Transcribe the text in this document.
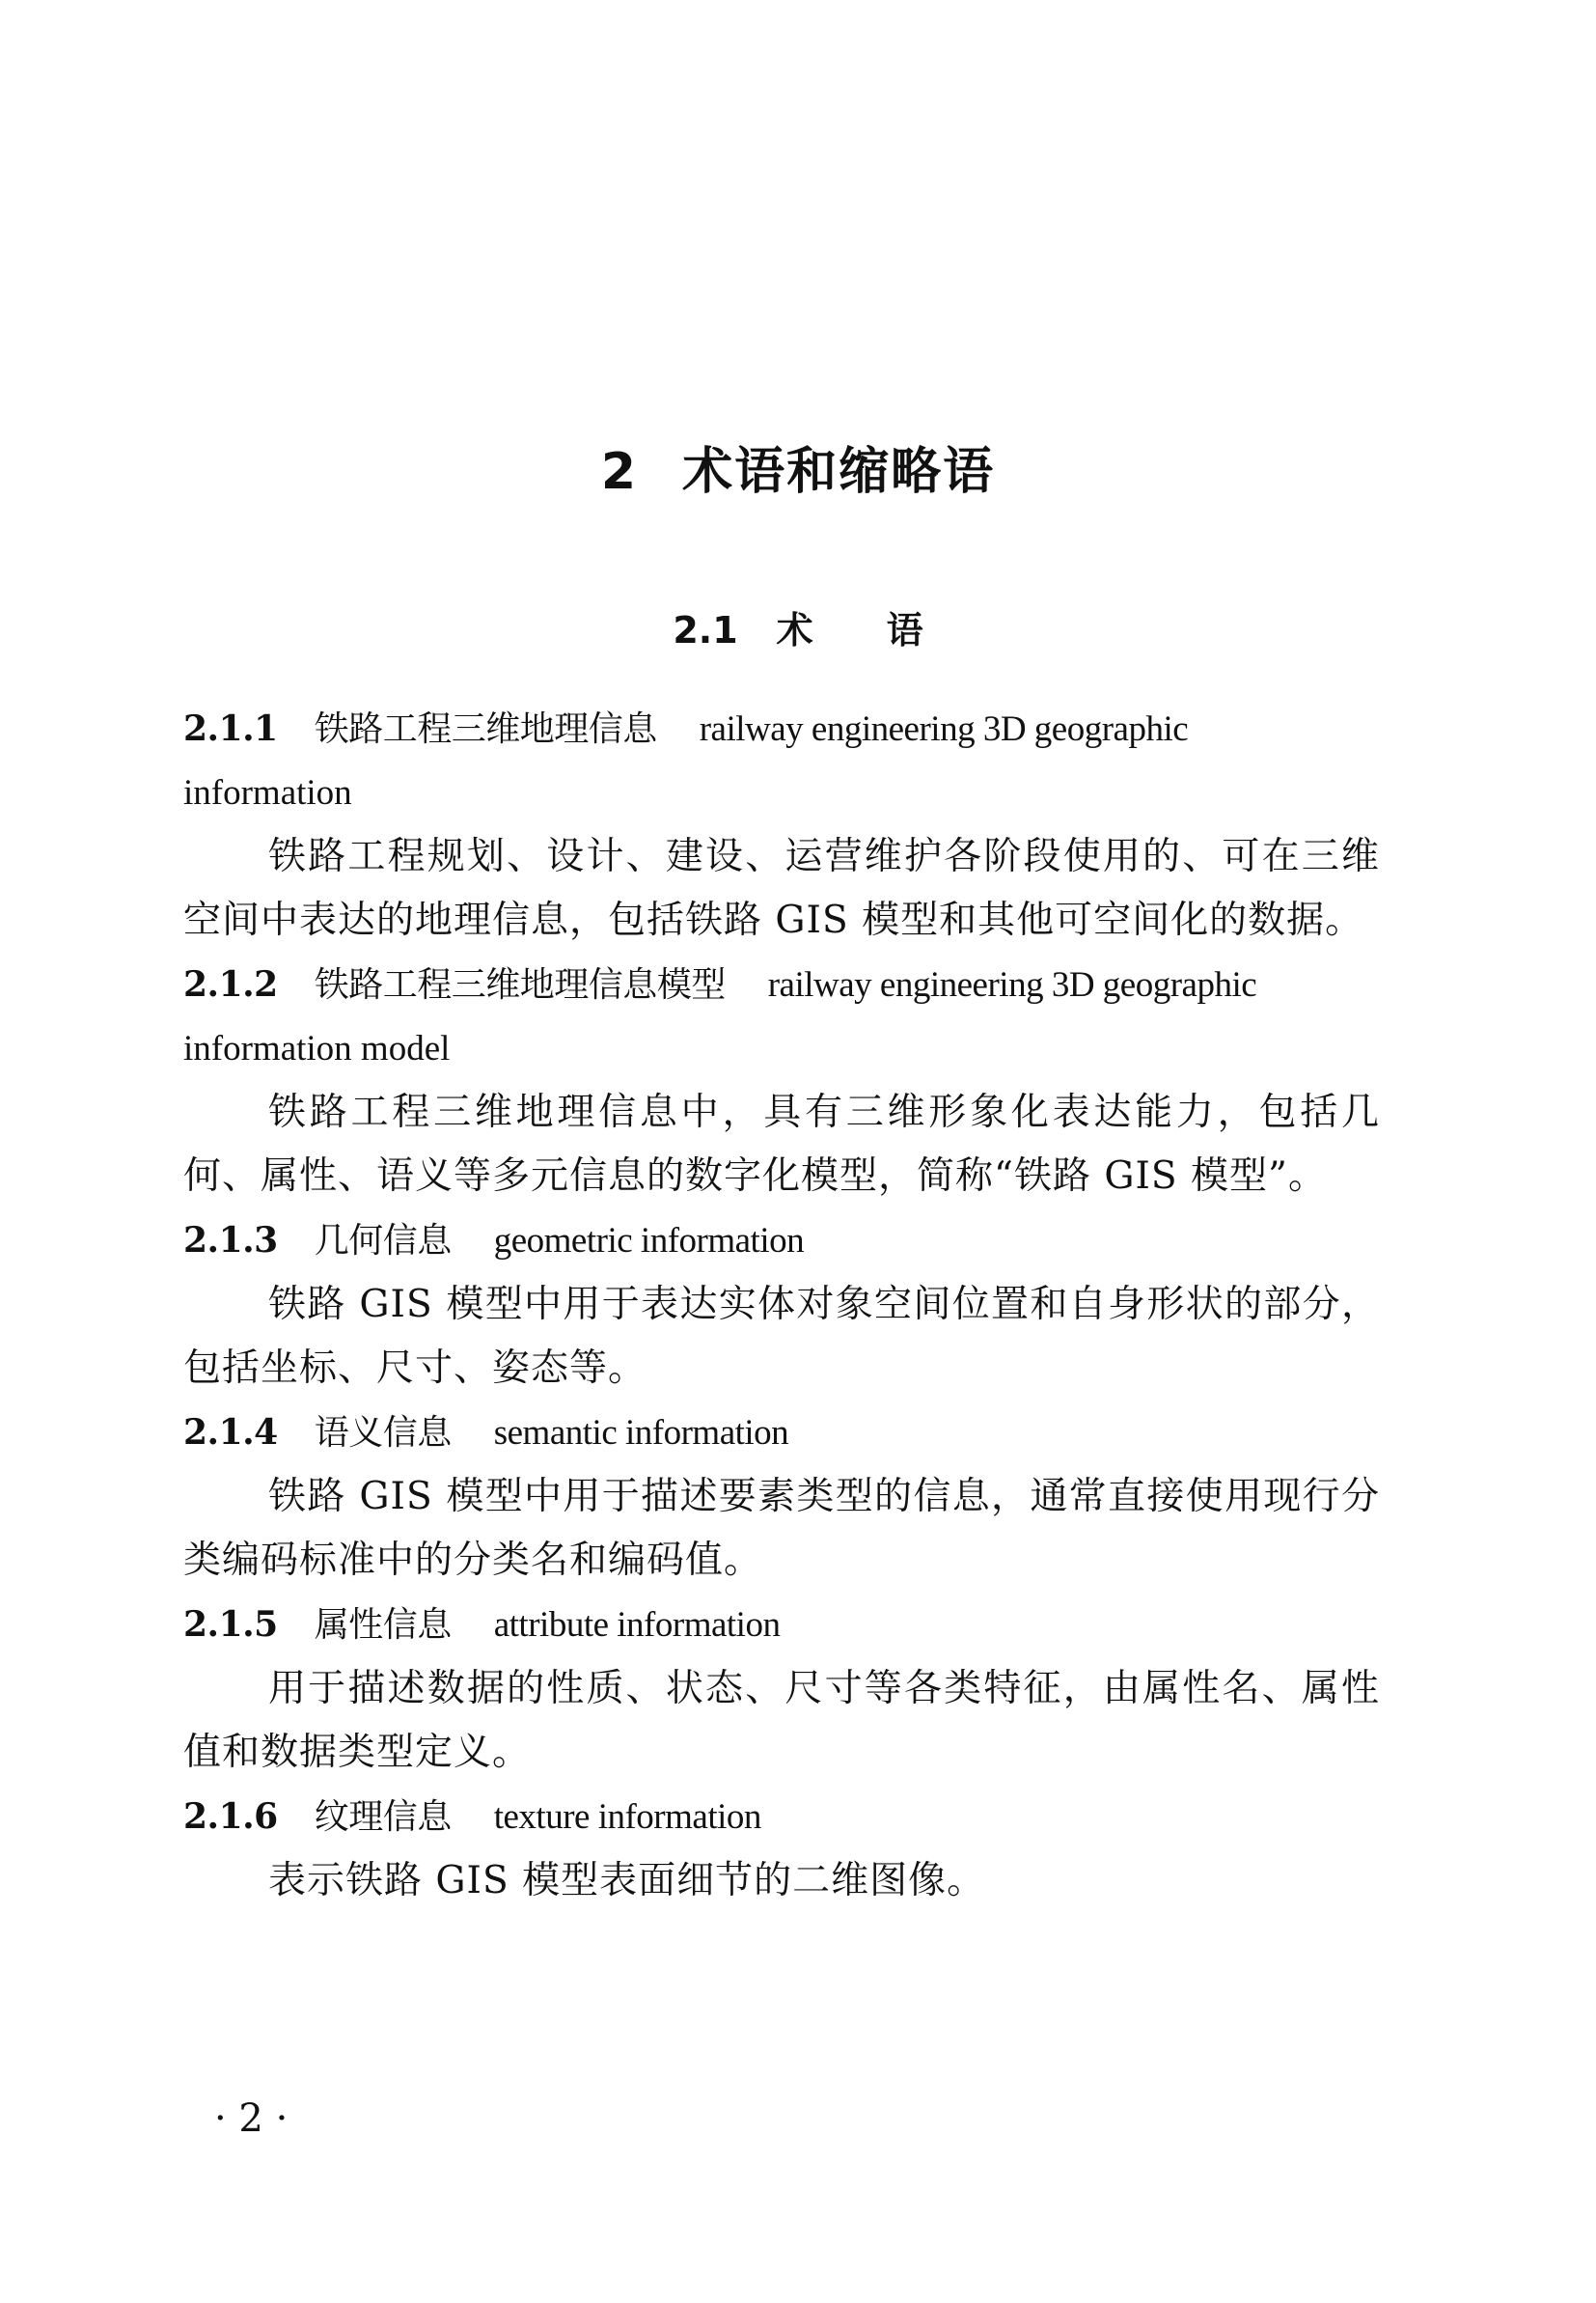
2 术语和缩略语
2.1 术　　语
2.1.1 铁路工程三维地理信息 railway engineering 3D geographic
information

铁路工程规划、设计、建设、运营维护各阶段使用的、可在三维空间中表达的地理信息，包括铁路 GIS 模型和其他可空间化的数据。

2.1.2 铁路工程三维地理信息模型 railway engineering 3D geographic
information model

铁路工程三维地理信息中，具有三维形象化表达能力，包括几何、属性、语义等多元信息的数字化模型，简称“铁路 GIS 模型”。

2.1.3 几何信息 geometric information

铁路 GIS 模型中用于表达实体对象空间位置和自身形状的部分，包括坐标、尺寸、姿态等。

2.1.4 语义信息 semantic information

铁路 GIS 模型中用于描述要素类型的信息，通常直接使用现行分类编码标准中的分类名和编码值。

2.1.5 属性信息 attribute information

用于描述数据的性质、状态、尺寸等各类特征，由属性名、属性值和数据类型定义。

2.1.6 纹理信息 texture information

表示铁路 GIS 模型表面细节的二维图像。

· 2 ·
